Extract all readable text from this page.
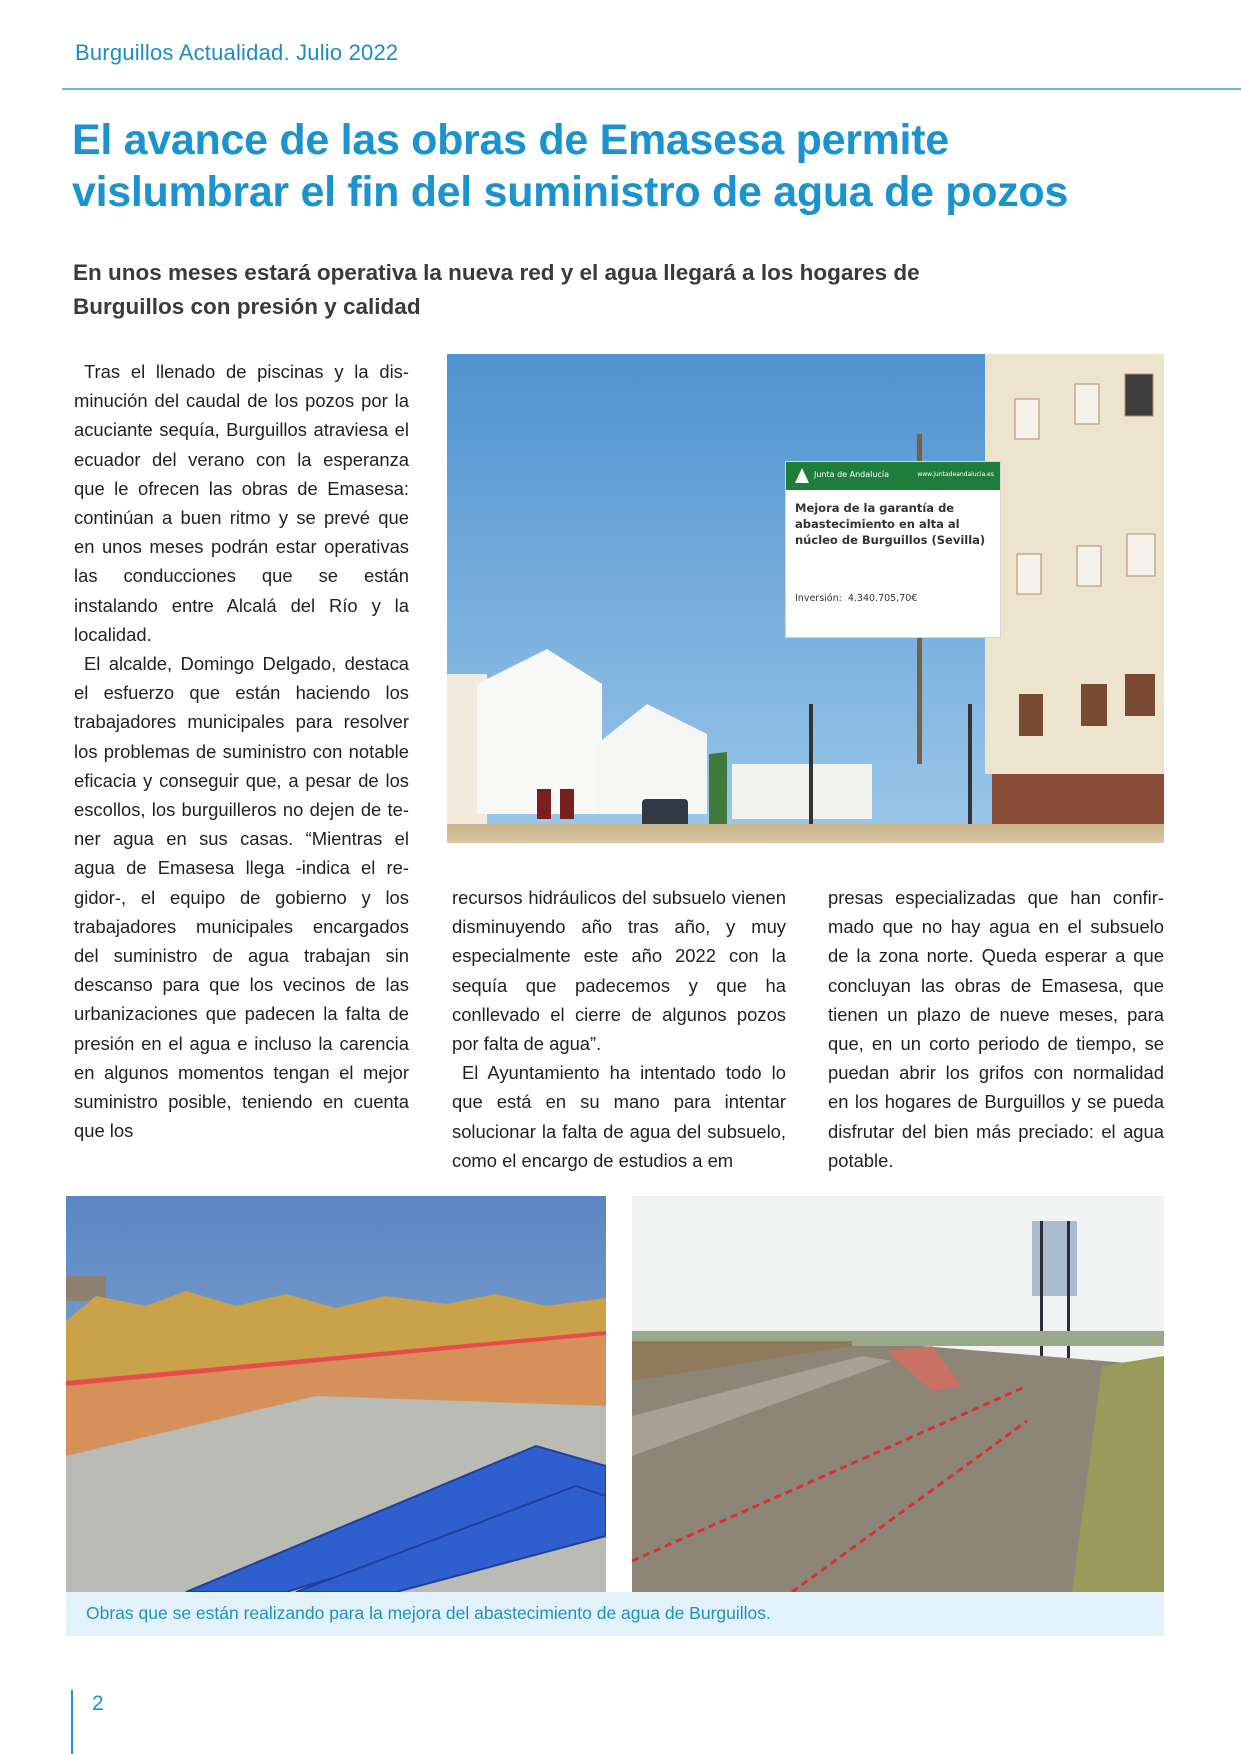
Burguillos Actualidad. Julio 2022
El avance de las obras de Emasesa permite
vislumbrar el fin del suministro de agua de pozos
En unos meses estará operativa la nueva red y el agua llegará a los hogares de
Burguillos con presión y calidad

Tras el llenado de piscinas y la disminución del caudal de los pozos por la acuciante sequía, Burguillos atraviesa el ecuador del verano con la esperanza que le ofrecen las obras de Emasesa: continúan a buen ritmo y se prevé que en unos meses podrán estar operativas las conducciones que se están instalando entre Alcalá del Río y la localidad.

El alcalde, Domingo Delgado, destaca el esfuerzo que están haciendo los trabajadores municipales para resolver los problemas de suministro con notable eficacia y conseguir que, a pesar de los escollos, los burguilleros no dejen de tener agua en sus casas. “Mientras el agua de Emasesa llega -indica el regidor-, el equipo de gobierno y los trabajadores municipales encargados del suministro de agua trabajan sin descanso para que los vecinos de las urbanizaciones que padecen la falta de presión en el agua e incluso la carencia en algunos momentos tengan el mejor suministro posible, teniendo en cuenta que los

recursos hidráulicos del subsuelo vienen disminuyendo año tras año, y muy especialmente este año 2022 con la sequía que padecemos y que ha conllevado el cierre de algunos pozos por falta de agua”.

El Ayuntamiento ha intentado todo lo que está en su mano para intentar solucionar la falta de agua del subsuelo, como el encargo de estudios a em

presas especializadas que han confirmado que no hay agua en el subsuelo de la zona norte. Queda esperar a que concluyan las obras de Emasesa, que tienen un plazo de nueve meses, para que, en un corto periodo de tiempo, se puedan abrir los grifos con normalidad en los hogares de Burguillos y se pueda disfrutar del bien más preciado: el agua potable.

Obras que se están realizando para la mejora del abastecimiento de agua de Burguillos.
2
Junta de Andalucía	www.juntadeandalucia.es
Mejora de la garantía de
abastecimiento en alta al
núcleo de Burguillos (Sevilla)
Inversión:  4.340.705,70€
